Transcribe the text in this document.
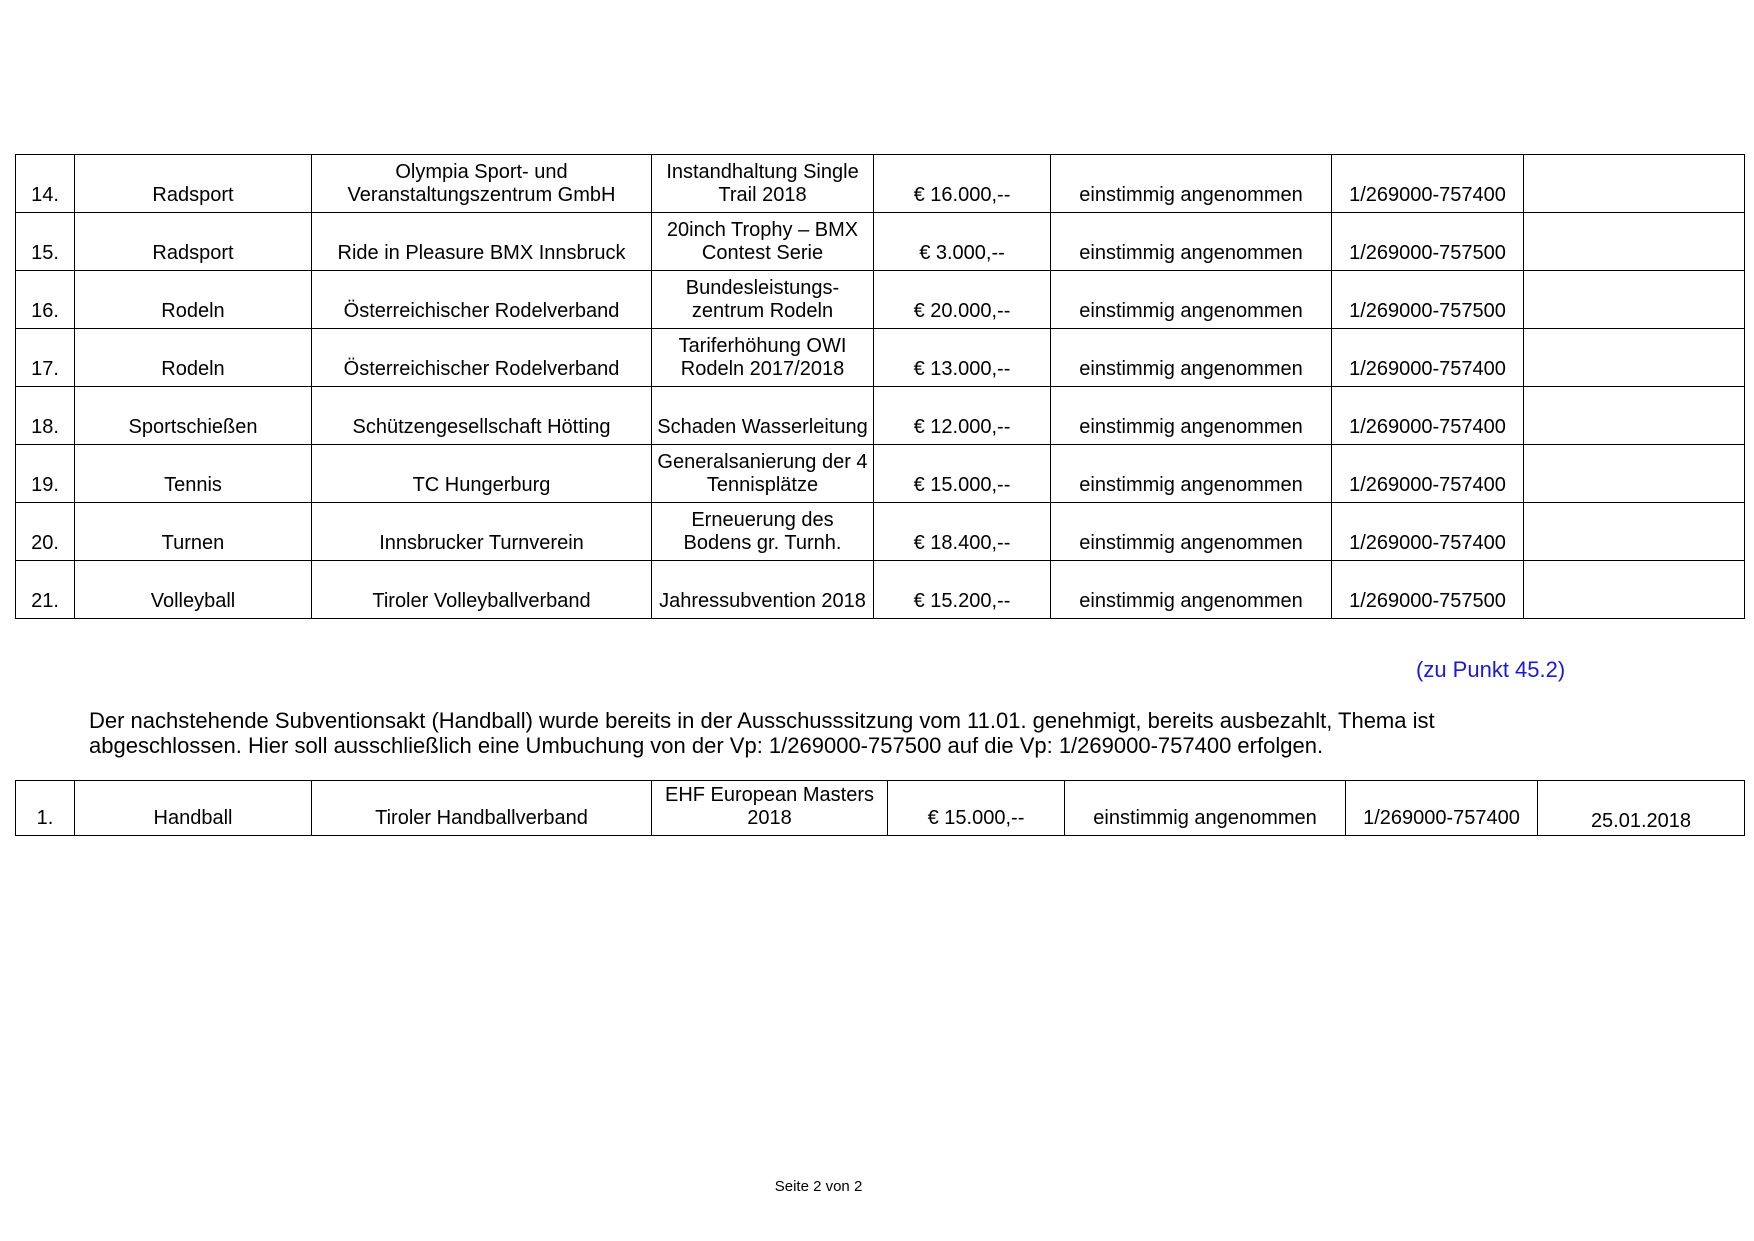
14.	Radsport	Olympia Sport- und Veranstaltungszentrum GmbH	Instandhaltung Single Trail 2018	€ 16.000,--	einstimmig angenommen	1/269000-757400	
15.	Radsport	Ride in Pleasure BMX Innsbruck	20inch Trophy – BMX Contest Serie	€ 3.000,--	einstimmig angenommen	1/269000-757500	
16.	Rodeln	Österreichischer Rodelverband	Bundesleistungs- zentrum Rodeln	€ 20.000,--	einstimmig angenommen	1/269000-757500	
17.	Rodeln	Österreichischer Rodelverband	Tariferhöhung OWI Rodeln 2017/2018	€ 13.000,--	einstimmig angenommen	1/269000-757400	
18.	Sportschießen	Schützengesellschaft Hötting	Schaden Wasserleitung	€ 12.000,--	einstimmig angenommen	1/269000-757400	
19.	Tennis	TC Hungerburg	Generalsanierung der 4 Tennisplätze	€ 15.000,--	einstimmig angenommen	1/269000-757400	
20.	Turnen	Innsbrucker Turnverein	Erneuerung des Bodens gr. Turnh.	€ 18.400,--	einstimmig angenommen	1/269000-757400	
21.	Volleyball	Tiroler Volleyballverband	Jahressubvention 2018	€ 15.200,--	einstimmig angenommen	1/269000-757500	
(zu Punkt 45.2)
Der nachstehende Subventionsakt (Handball) wurde bereits in der Ausschusssitzung vom 11.01. genehmigt, bereits ausbezahlt, Thema ist
abgeschlossen. Hier soll ausschließlich eine Umbuchung von der Vp: 1/269000-757500 auf die Vp: 1/269000-757400 erfolgen.
1.	Handball	Tiroler Handballverband	EHF European Masters 2018	€ 15.000,--	einstimmig angenommen	1/269000-757400	25.01.2018
Seite 2 von 2
